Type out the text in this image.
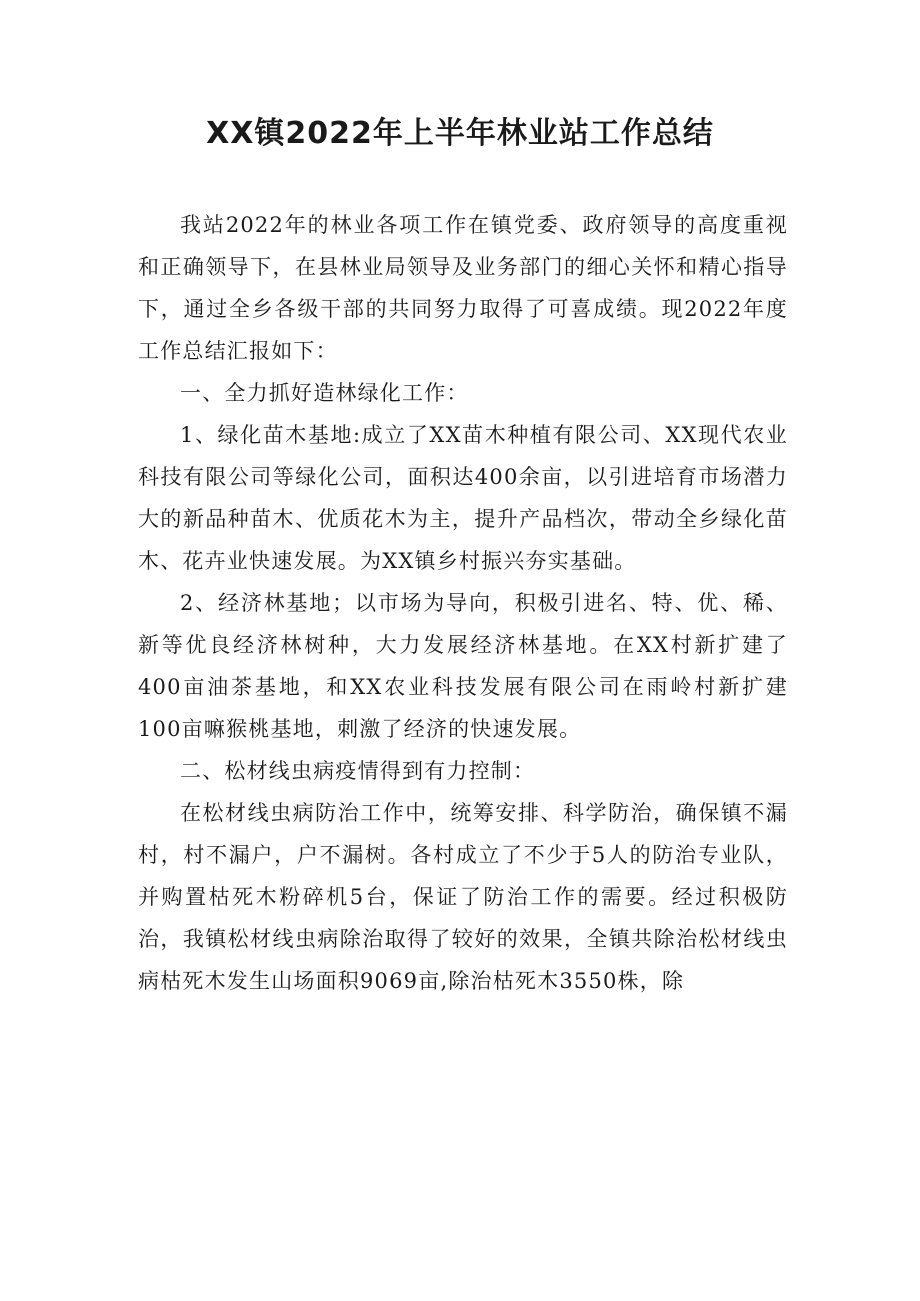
XX镇2022年上半年林业站工作总结

我站2022年的林业各项工作在镇党委、政府领导的高度重视和正确领导下，在县林业局领导及业务部门的细心关怀和精心指导下，通过全乡各级干部的共同努力取得了可喜成绩。现2022年度工作总结汇报如下：

一、全力抓好造林绿化工作：

1、绿化苗木基地:成立了XX苗木种植有限公司、XX现代农业科技有限公司等绿化公司，面积达400余亩，以引进培育市场潜力大的新品种苗木、优质花木为主，提升产品档次，带动全乡绿化苗木、花卉业快速发展。为XX镇乡村振兴夯实基础。

2、经济林基地；以市场为导向，积极引进名、特、优、稀、新等优良经济林树种，大力发展经济林基地。在XX村新扩建了400亩油茶基地，和XX农业科技发展有限公司在雨岭村新扩建100亩嘛猴桃基地，刺激了经济的快速发展。

二、松材线虫病疫情得到有力控制：

在松材线虫病防治工作中，统筹安排、科学防治，确保镇不漏村，村不漏户，户不漏树。各村成立了不少于5人的防治专业队，并购置枯死木粉碎机5台，保证了防治工作的需要。经过积极防治，我镇松材线虫病除治取得了较好的效果，全镇共除治松材线虫病枯死木发生山场面积9069亩,除治枯死木3550株，除
